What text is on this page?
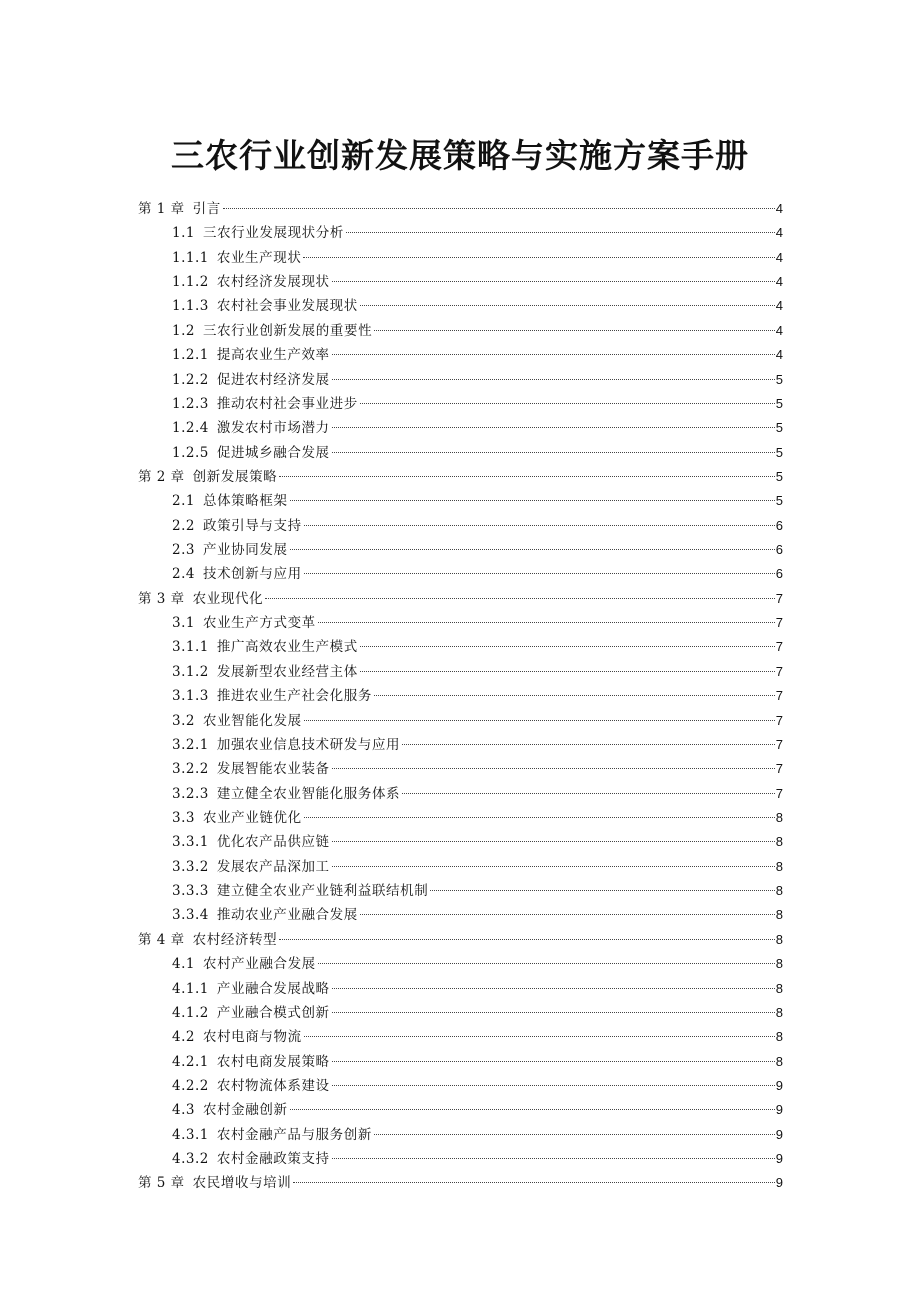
三农行业创新发展策略与实施方案手册
第 1 章 引言	4
1.1 三农行业发展现状分析	4
1.1.1 农业生产现状	4
1.1.2 农村经济发展现状	4
1.1.3 农村社会事业发展现状	4
1.2 三农行业创新发展的重要性	4
1.2.1 提高农业生产效率	4
1.2.2 促进农村经济发展	5
1.2.3 推动农村社会事业进步	5
1.2.4 激发农村市场潜力	5
1.2.5 促进城乡融合发展	5
第 2 章 创新发展策略	5
2.1 总体策略框架	5
2.2 政策引导与支持	6
2.3 产业协同发展	6
2.4 技术创新与应用	6
第 3 章 农业现代化	7
3.1 农业生产方式变革	7
3.1.1 推广高效农业生产模式	7
3.1.2 发展新型农业经营主体	7
3.1.3 推进农业生产社会化服务	7
3.2 农业智能化发展	7
3.2.1 加强农业信息技术研发与应用	7
3.2.2 发展智能农业装备	7
3.2.3 建立健全农业智能化服务体系	7
3.3 农业产业链优化	8
3.3.1 优化农产品供应链	8
3.3.2 发展农产品深加工	8
3.3.3 建立健全农业产业链利益联结机制	8
3.3.4 推动农业产业融合发展	8
第 4 章 农村经济转型	8
4.1 农村产业融合发展	8
4.1.1 产业融合发展战略	8
4.1.2 产业融合模式创新	8
4.2 农村电商与物流	8
4.2.1 农村电商发展策略	8
4.2.2 农村物流体系建设	9
4.3 农村金融创新	9
4.3.1 农村金融产品与服务创新	9
4.3.2 农村金融政策支持	9
第 5 章 农民增收与培训	9
